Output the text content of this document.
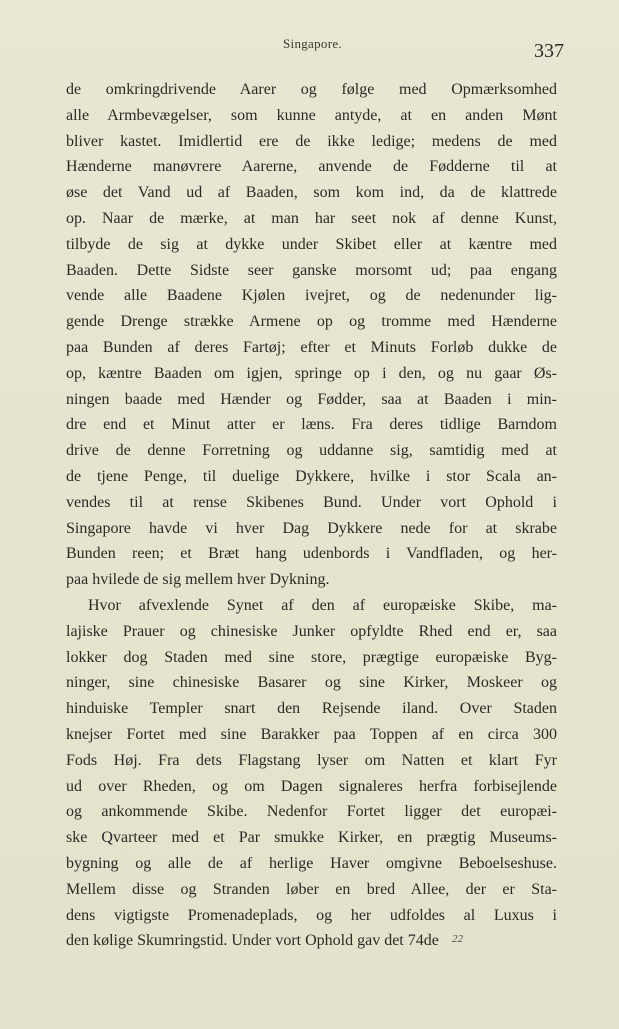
Singapore.	337
de omkringdrivende Aarer og følge med Opmærksomhed
alle Armbevægelser, som kunne antyde, at en anden Mønt
bliver kastet. Imidlertid ere de ikke ledige; medens de med
Hænderne manøvrere Aarerne, anvende de Fødderne til at
øse det Vand ud af Baaden, som kom ind, da de klattrede
op. Naar de mærke, at man har seet nok af denne Kunst,
tilbyde de sig at dykke under Skibet eller at kæntre med
Baaden. Dette Sidste seer ganske morsomt ud; paa engang
vende alle Baadene Kjølen ivejret, og de nedenunder lig-
gende Drenge strække Armene op og tromme med Hænderne
paa Bunden af deres Fartøj; efter et Minuts Forløb dukke de
op, kæntre Baaden om igjen, springe op i den, og nu gaar Øs-
ningen baade med Hænder og Fødder, saa at Baaden i min-
dre end et Minut atter er læns. Fra deres tidlige Barndom
drive de denne Forretning og uddanne sig, samtidig med at
de tjene Penge, til duelige Dykkere, hvilke i stor Scala an-
vendes til at rense Skibenes Bund. Under vort Ophold i
Singapore havde vi hver Dag Dykkere nede for at skrabe
Bunden reen; et Bræt hang udenbords i Vandfladen, og her-
paa hvilede de sig mellem hver Dykning.
Hvor afvexlende Synet af den af europæiske Skibe, ma-
lajiske Prauer og chinesiske Junker opfyldte Rhed end er, saa
lokker dog Staden med sine store, prægtige europæiske Byg-
ninger, sine chinesiske Basarer og sine Kirker, Moskeer og
hinduiske Templer snart den Rejsende iland. Over Staden
knejser Fortet med sine Barakker paa Toppen af en circa 300
Fods Høj. Fra dets Flagstang lyser om Natten et klart Fyr
ud over Rheden, og om Dagen signaleres herfra forbisejlende
og ankommende Skibe. Nedenfor Fortet ligger det europæi-
ske Qvarteer med et Par smukke Kirker, en prægtig Museums-
bygning og alle de af herlige Haver omgivne Beboelseshuse.
Mellem disse og Stranden løber en bred Allee, der er Sta-
dens vigtigste Promenadeplads, og her udfoldes al Luxus i
den kølige Skumringstid. Under vort Ophold gav det 74de	22
